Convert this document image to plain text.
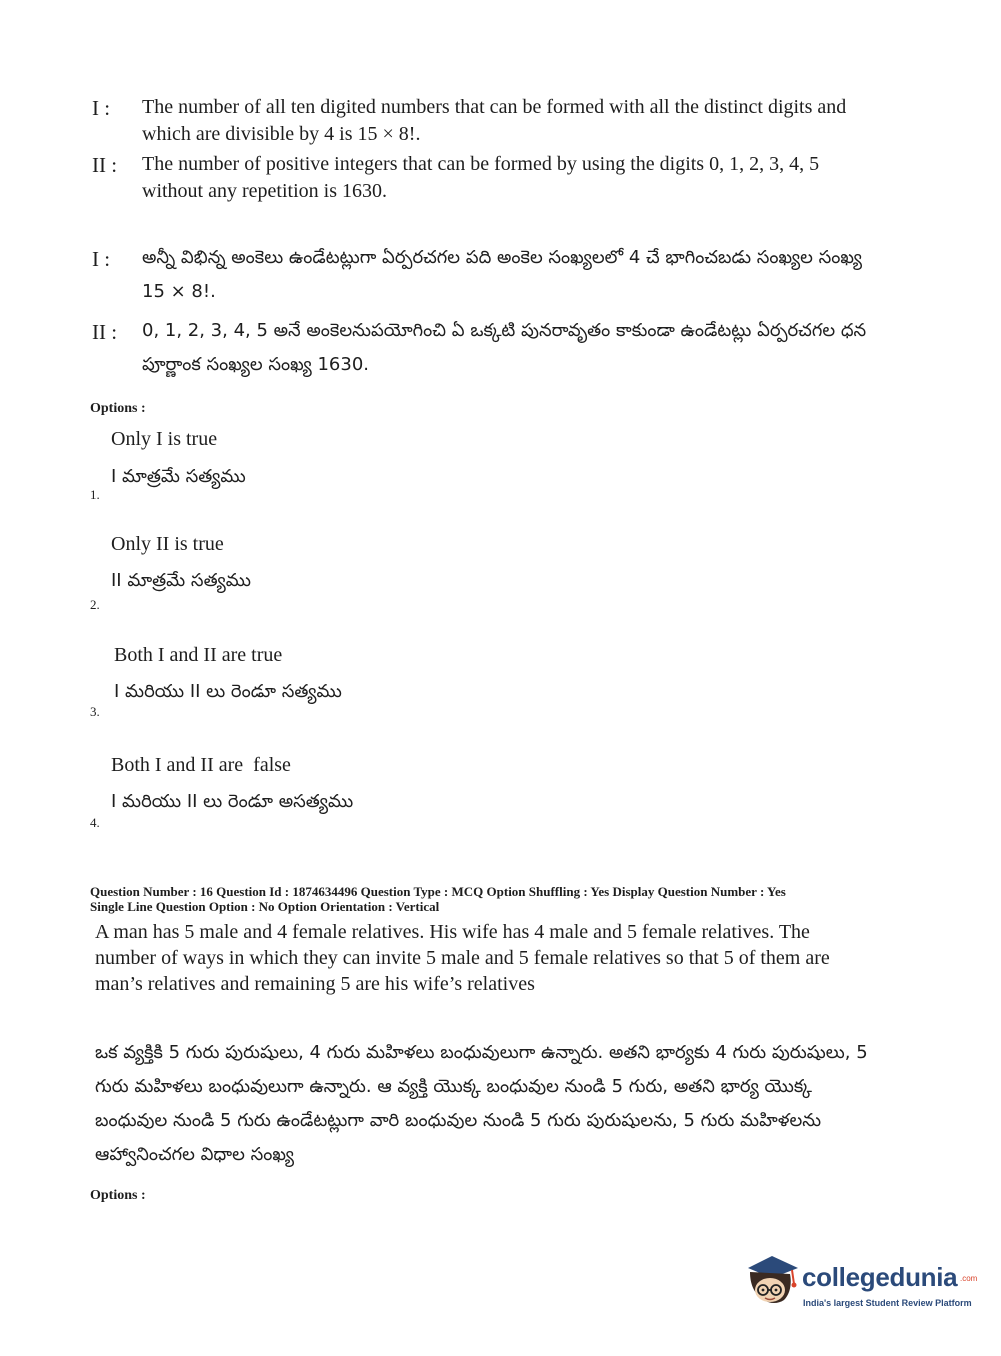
I : The number of all ten digited numbers that can be formed with all the distinct digits and which are divisible by 4 is 15 × 8!.
II : The number of positive integers that can be formed by using the digits 0, 1, 2, 3, 4, 5 without any repetition is 1630.
I : అన్నీ విభిన్న అంకెలు ఉండేటట్లుగా ఏర్పరచగల పది అంకెల సంఖ్యలలో 4 చే భాగించబడు సంఖ్యల సంఖ్య 15 × 8!.
II : 0, 1, 2, 3, 4, 5 అనే అంకెలనుపయోగించి ఏ ఒక్కటి పునరావృతం కాకుండా ఉండేటట్లు ఏర్పరచగల ధన పూర్ణాంక సంఖ్యల సంఖ్య 1630.
Options :
Only I is true
I మాత్రమే సత్యము
1.
Only II is true
II మాత్రమే సత్యము
2.
Both I and II are true
I మరియు II లు రెండూ సత్యము
3.
Both I and II are  false
I మరియు II లు రెండూ అసత్యము
4.
Question Number : 16 Question Id : 1874634496 Question Type : MCQ Option Shuffling : Yes Display Question Number : Yes
Single Line Question Option : No Option Orientation : Vertical
A man has 5 male and 4 female relatives. His wife has 4 male and 5 female relatives. The number of ways in which they can invite 5 male and 5 female relatives so that 5 of them are man’s relatives and remaining 5 are his wife’s relatives
ఒక వ్యక్తికి 5 గురు పురుషులు, 4 గురు మహిళలు బంధువులుగా ఉన్నారు. అతని భార్యకు 4 గురు పురుషులు, 5 గురు మహిళలు బంధువులుగా ఉన్నారు. ఆ వ్యక్తి యొక్క బంధువుల నుండి 5 గురు, అతని భార్య యొక్క బంధువుల నుండి 5 గురు ఉండేటట్లుగా వారి బంధువుల నుండి 5 గురు పురుషులను, 5 గురు మహిళలను ఆహ్వానించగల విధాల సంఖ్య
Options :
collegedunia .com
India's largest Student Review Platform
